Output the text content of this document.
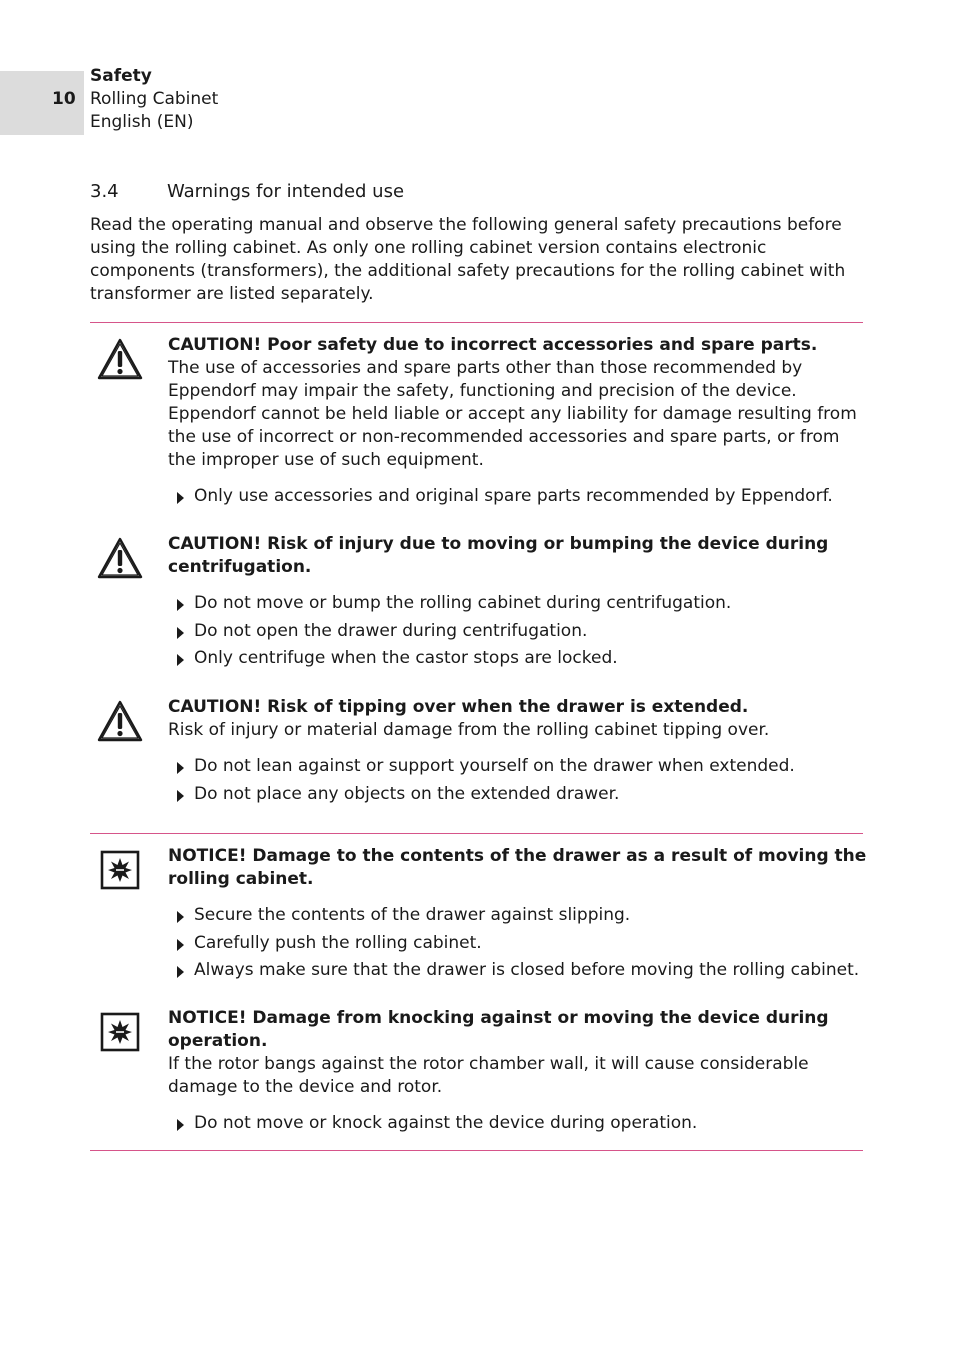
10
Safety
Rolling Cabinet
English (EN)
3.4	Warnings for intended use

Read the operating manual and observe the following general safety precautions before using the rolling cabinet. As only one rolling cabinet version contains electronic components (transformers), the additional safety precautions for the rolling cabinet with transformer are listed separately.

CAUTION! Poor safety due to incorrect accessories and spare parts.

The use of accessories and spare parts other than those recommended by Eppendorf may impair the safety, functioning and precision of the device. Eppendorf cannot be held liable or accept any liability for damage resulting from the use of incorrect or non-recommended accessories and spare parts, or from the improper use of such equipment.

Only use accessories and original spare parts recommended by Eppendorf.
CAUTION! Risk of injury due to moving or bumping the device during centrifugation.
Do not move or bump the rolling cabinet during centrifugation.
Do not open the drawer during centrifugation.
Only centrifuge when the castor stops are locked.
CAUTION! Risk of tipping over when the drawer is extended.

Risk of injury or material damage from the rolling cabinet tipping over.

Do not lean against or support yourself on the drawer when extended.
Do not place any objects on the extended drawer.
NOTICE! Damage to the contents of the drawer as a result of moving the rolling cabinet.
Secure the contents of the drawer against slipping.
Carefully push the rolling cabinet.
Always make sure that the drawer is closed before moving the rolling cabinet.
NOTICE! Damage from knocking against or moving the device during operation.

If the rotor bangs against the rotor chamber wall, it will cause considerable damage to the device and rotor.

Do not move or knock against the device during operation.
